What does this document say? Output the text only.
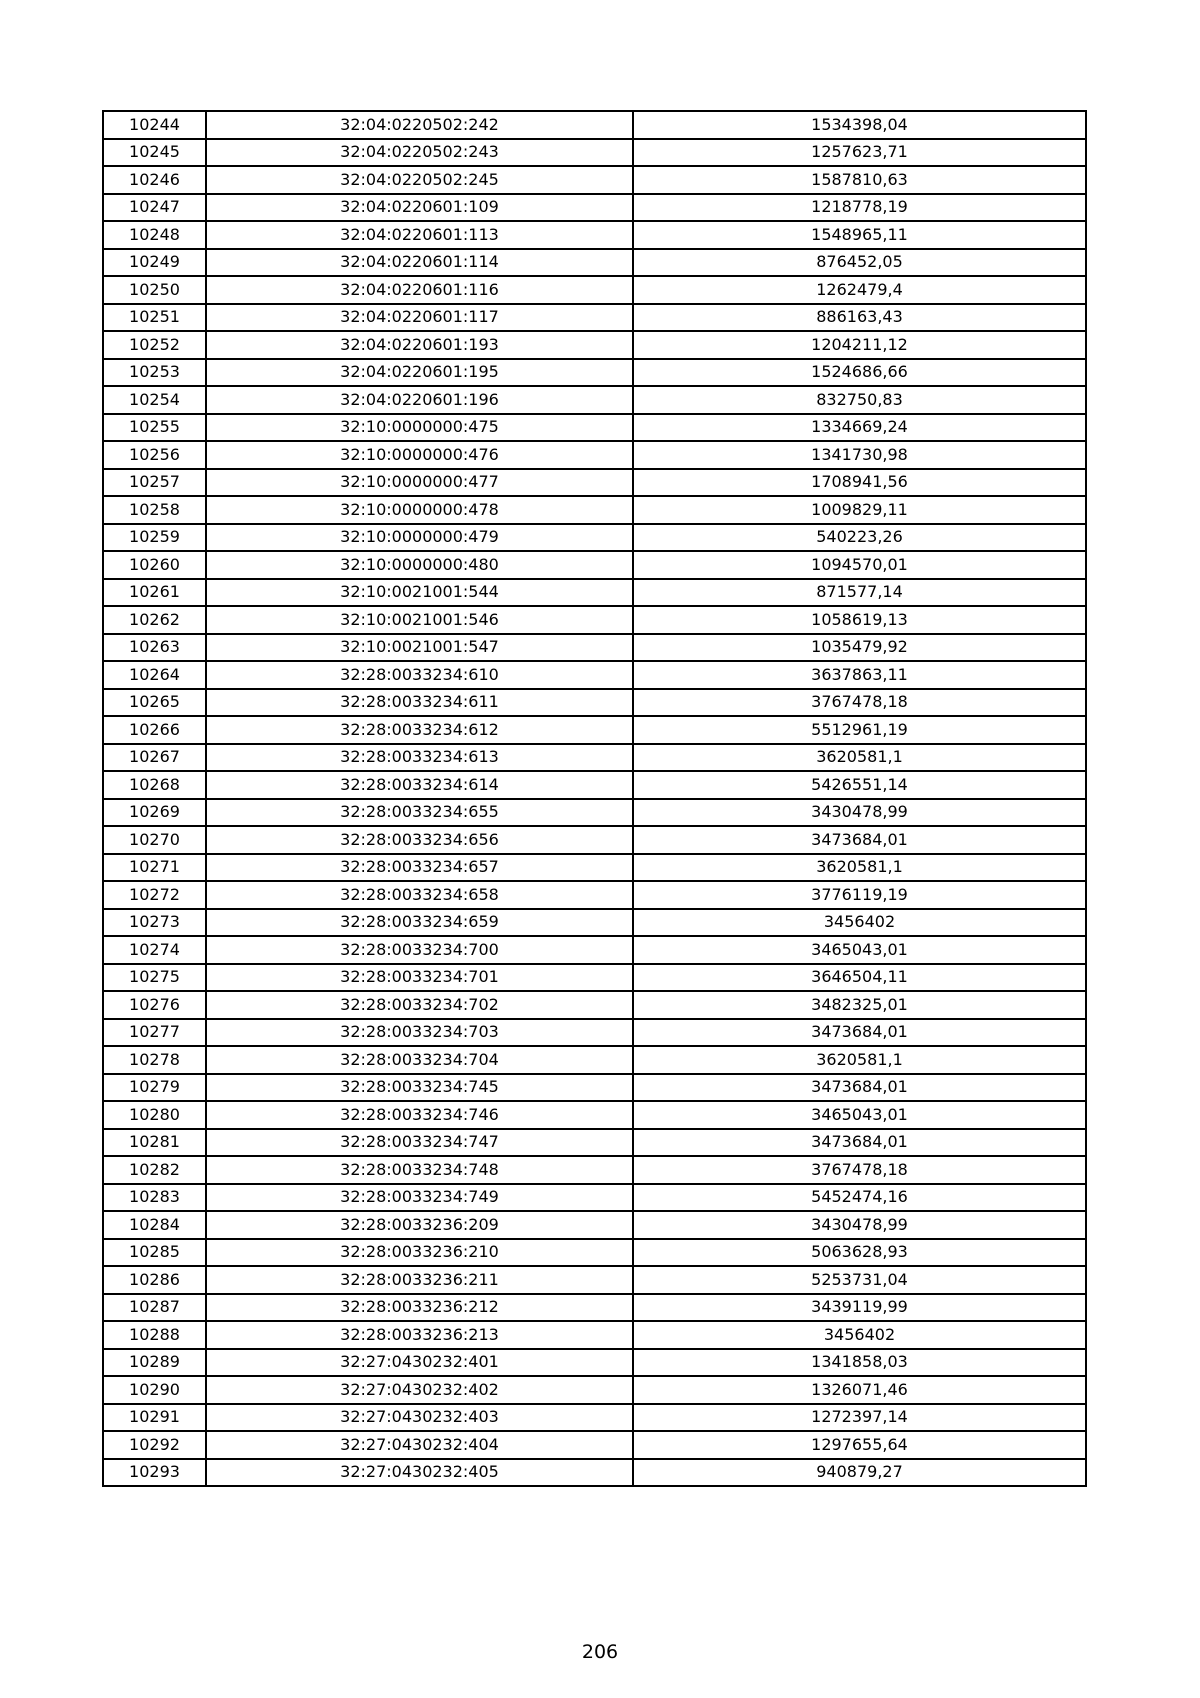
10244	32:04:0220502:242	1534398,04
10245	32:04:0220502:243	1257623,71
10246	32:04:0220502:245	1587810,63
10247	32:04:0220601:109	1218778,19
10248	32:04:0220601:113	1548965,11
10249	32:04:0220601:114	876452,05
10250	32:04:0220601:116	1262479,4
10251	32:04:0220601:117	886163,43
10252	32:04:0220601:193	1204211,12
10253	32:04:0220601:195	1524686,66
10254	32:04:0220601:196	832750,83
10255	32:10:0000000:475	1334669,24
10256	32:10:0000000:476	1341730,98
10257	32:10:0000000:477	1708941,56
10258	32:10:0000000:478	1009829,11
10259	32:10:0000000:479	540223,26
10260	32:10:0000000:480	1094570,01
10261	32:10:0021001:544	871577,14
10262	32:10:0021001:546	1058619,13
10263	32:10:0021001:547	1035479,92
10264	32:28:0033234:610	3637863,11
10265	32:28:0033234:611	3767478,18
10266	32:28:0033234:612	5512961,19
10267	32:28:0033234:613	3620581,1
10268	32:28:0033234:614	5426551,14
10269	32:28:0033234:655	3430478,99
10270	32:28:0033234:656	3473684,01
10271	32:28:0033234:657	3620581,1
10272	32:28:0033234:658	3776119,19
10273	32:28:0033234:659	3456402
10274	32:28:0033234:700	3465043,01
10275	32:28:0033234:701	3646504,11
10276	32:28:0033234:702	3482325,01
10277	32:28:0033234:703	3473684,01
10278	32:28:0033234:704	3620581,1
10279	32:28:0033234:745	3473684,01
10280	32:28:0033234:746	3465043,01
10281	32:28:0033234:747	3473684,01
10282	32:28:0033234:748	3767478,18
10283	32:28:0033234:749	5452474,16
10284	32:28:0033236:209	3430478,99
10285	32:28:0033236:210	5063628,93
10286	32:28:0033236:211	5253731,04
10287	32:28:0033236:212	3439119,99
10288	32:28:0033236:213	3456402
10289	32:27:0430232:401	1341858,03
10290	32:27:0430232:402	1326071,46
10291	32:27:0430232:403	1272397,14
10292	32:27:0430232:404	1297655,64
10293	32:27:0430232:405	940879,27
206
